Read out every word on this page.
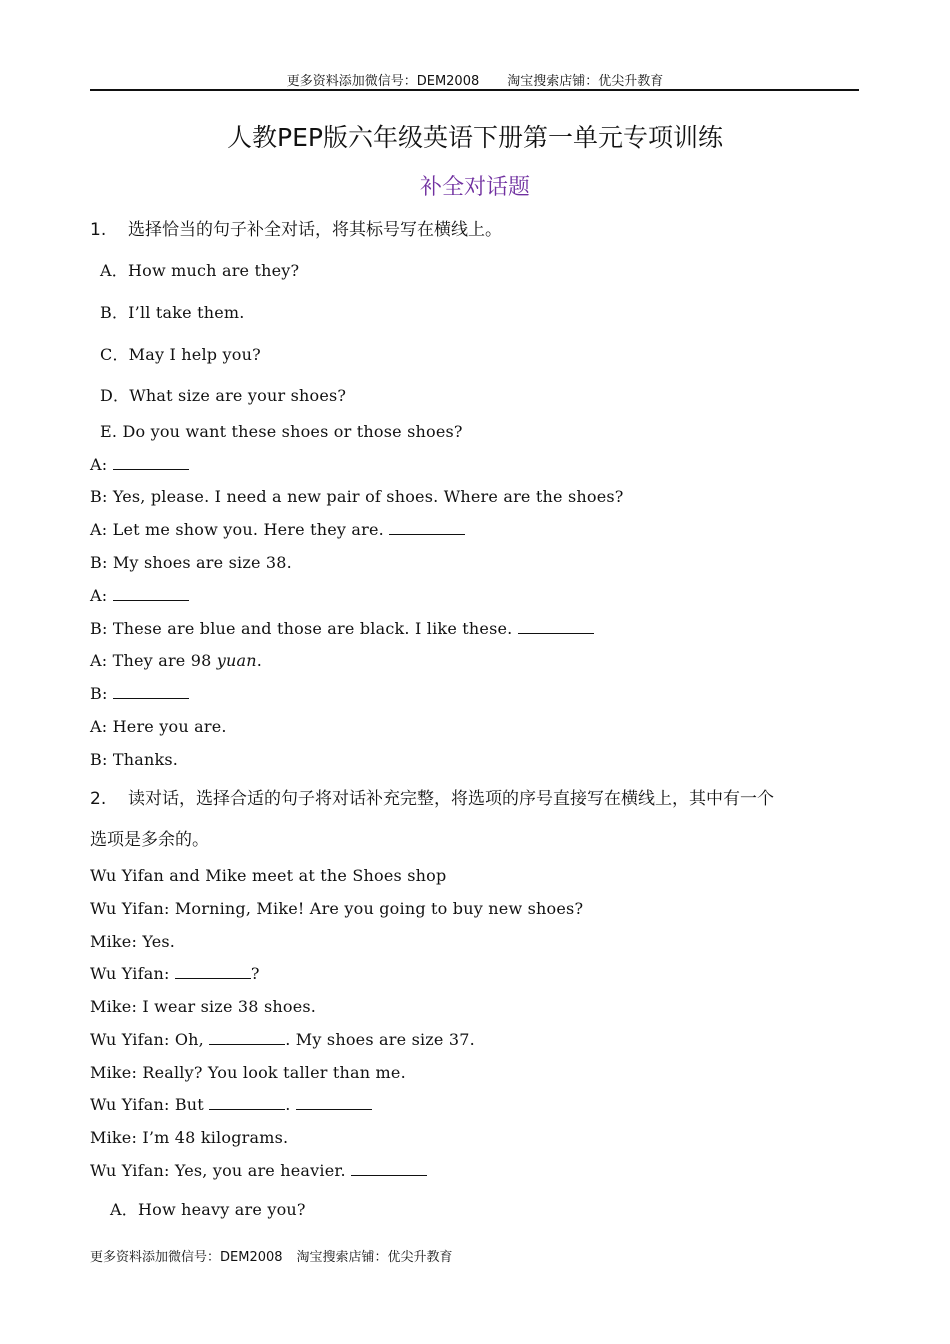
更多资料添加微信号：DEM2008 淘宝搜索店铺：优尖升教育
人教PEP版六年级英语下册第一单元专项训练
补全对话题
1. 选择恰当的句子补全对话，将其标号写在横线上。
A．How much are they?
B．I’ll take them.
C．May I help you?
D．What size are your shoes?
E. Do you want these shoes or those shoes?
A:
B: Yes, please. I need a new pair of shoes. Where are the shoes?
A: Let me show you. Here they are.
B: My shoes are size 38.
A:
B: These are blue and those are black. I like these.
A: They are 98 yuan.
B:
A: Here you are.
B: Thanks.
2. 读对话，选择合适的句子将对话补充完整，将选项的序号直接写在横线上，其中有一个
选项是多余的。
Wu Yifan and Mike meet at the Shoes shop
Wu Yifan: Morning, Mike! Are you going to buy new shoes?
Mike: Yes.
Wu Yifan:	?
Mike: I wear size 38 shoes.
Wu Yifan: Oh,	. My shoes are size 37.
Mike: Really? You look taller than me.
Wu Yifan: But	.
Mike: I’m 48 kilograms.
Wu Yifan: Yes, you are heavier.
A．How heavy are you?
更多资料添加微信号：DEM2008 淘宝搜索店铺：优尖升教育
